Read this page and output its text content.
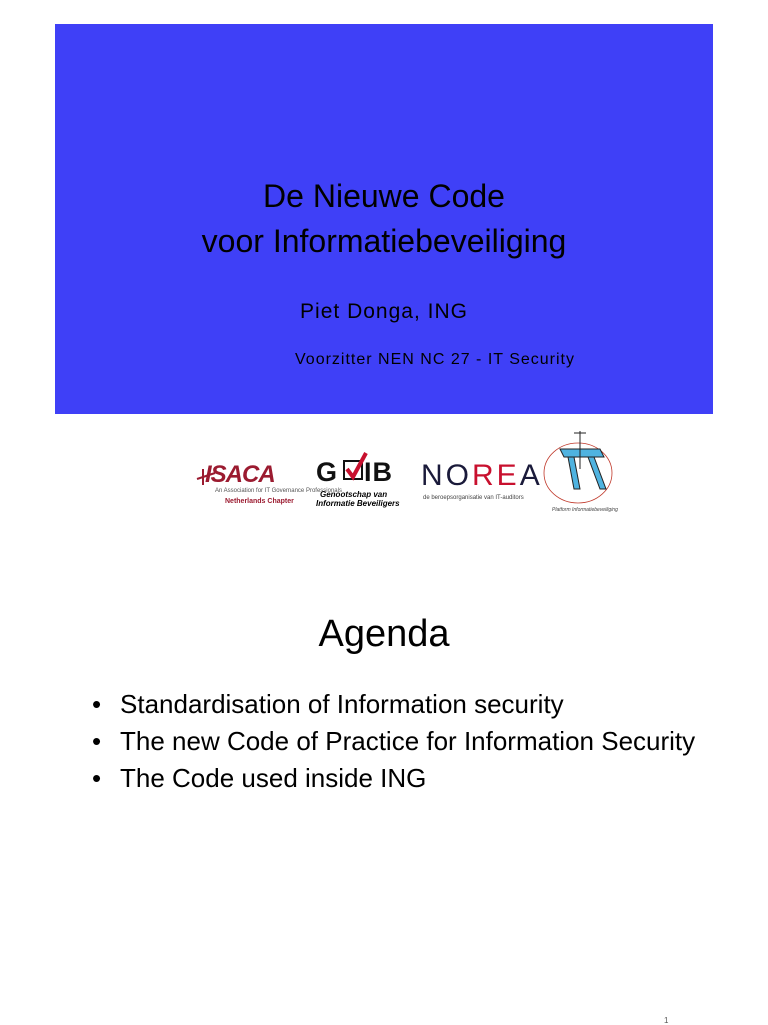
De Nieuwe Code
voor Informatiebeveiliging
Piet Donga, ING
Voorzitter NEN NC 27 - IT Security
ISACA
An Association for IT Governance Professionals
Netherlands Chapter
G IB
Genootschap van
Informatie Beveiligers
NOREA
de beroepsorganisatie van IT-auditors
Platform Informatiebeveiliging
Agenda
• Standardisation of Information security
• The new Code of Practice for Information Security
• The Code used inside ING
1
